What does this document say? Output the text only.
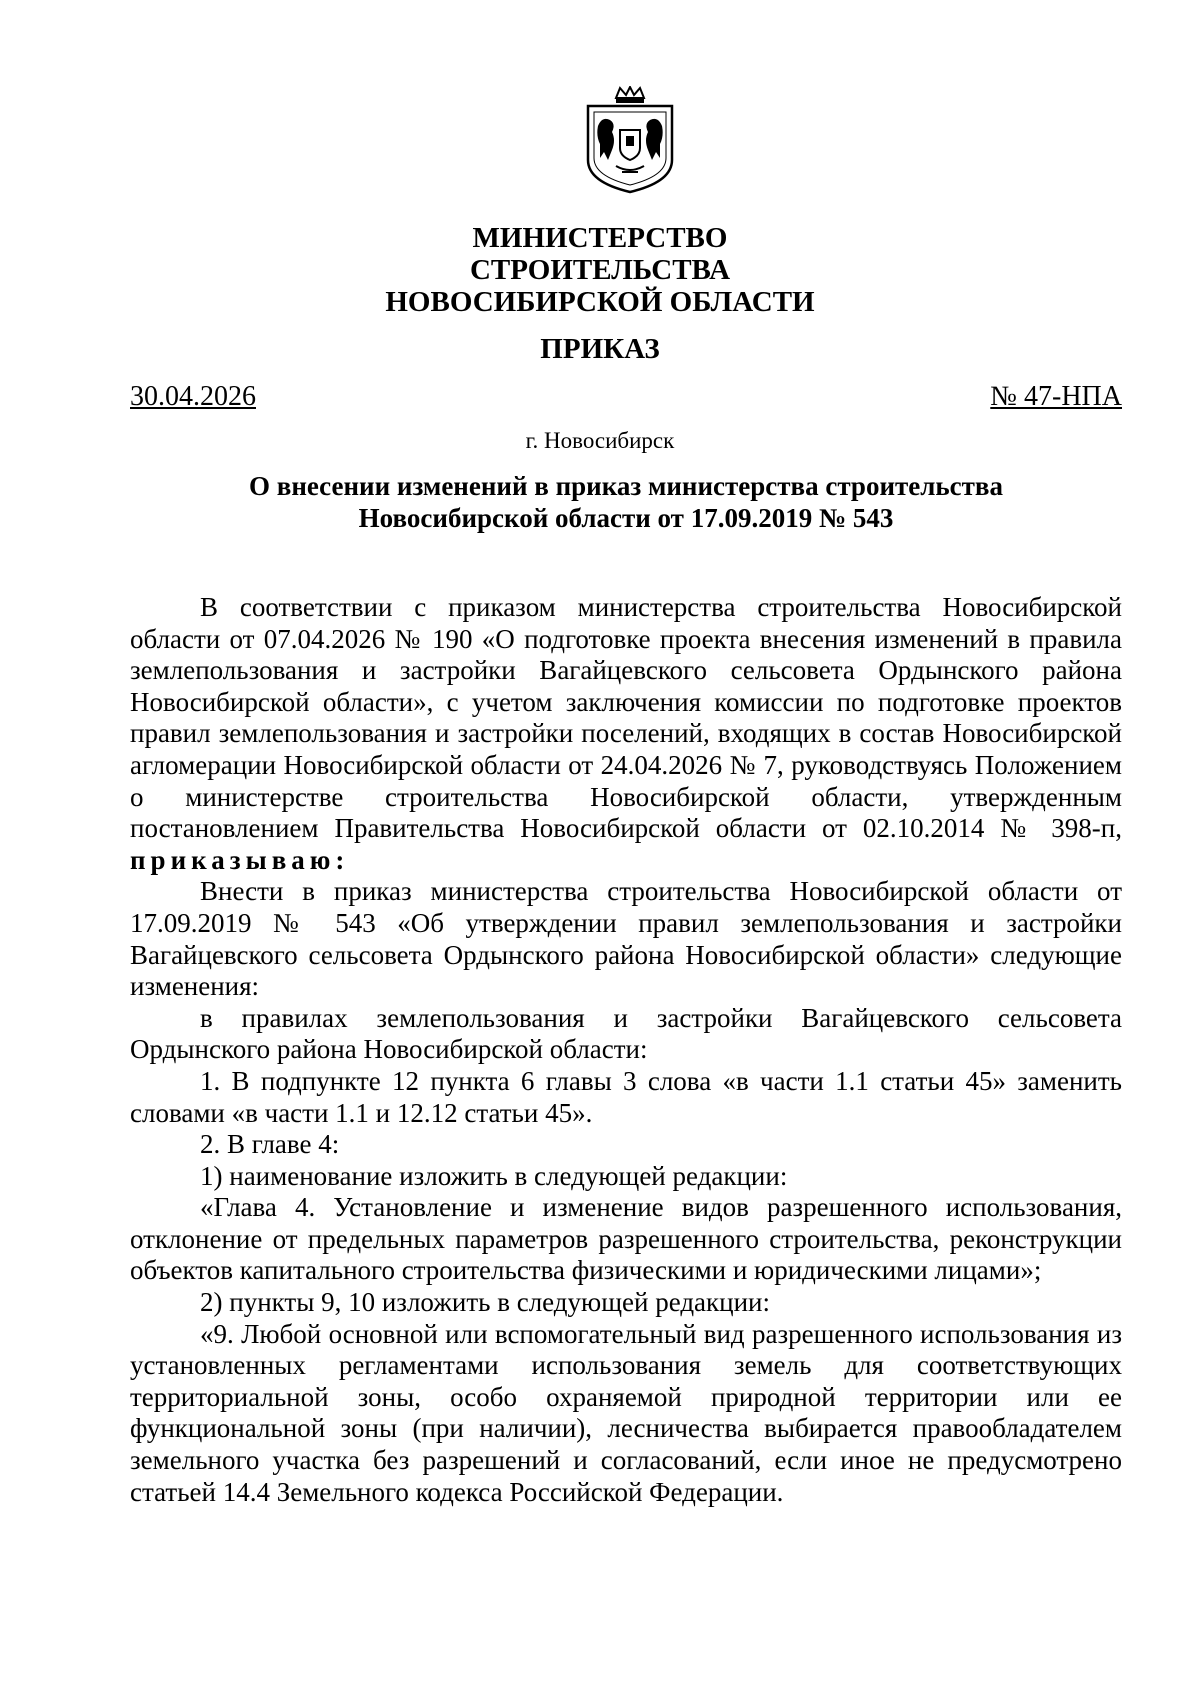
МИНИСТЕРСТВО
СТРОИТЕЛЬСТВА
НОВОСИБИРСКОЙ ОБЛАСТИ
ПРИКАЗ
30.04.2026	№ 47-НПА
г. Новосибирск
О внесении изменений в приказ министерства строительства
Новосибирской области от 17.09.2019 № 543

В соответствии с приказом министерства строительства Новосибирской области от 07.04.2026 № 190 «О подготовке проекта внесения изменений в правила землепользования и застройки Вагайцевского сельсовета Ордынского района Новосибирской области», с учетом заключения комиссии по подготовке проектов правил землепользования и застройки поселений, входящих в состав Новосибирской агломерации Новосибирской области от 24.04.2026 № 7, руководствуясь Положением о министерстве строительства Новосибирской области, утвержденным постановлением Правительства Новосибирской области от 02.10.2014 № 398-п, приказываю:

Внести в приказ министерства строительства Новосибирской области от 17.09.2019 № 543 «Об утверждении правил землепользования и застройки Вагайцевского сельсовета Ордынского района Новосибирской области» следующие изменения:

в правилах землепользования и застройки Вагайцевского сельсовета Ордынского района Новосибирской области:

1. В подпункте 12 пункта 6 главы 3 слова «в части 1.1 статьи 45» заменить словами «в части 1.1 и 12.12 статьи 45».

2. В главе 4:

1) наименование изложить в следующей редакции:

«Глава 4. Установление и изменение видов разрешенного использования, отклонение от предельных параметров разрешенного строительства, реконструкции объектов капитального строительства физическими и юридическими лицами»;

2) пункты 9, 10 изложить в следующей редакции:

«9. Любой основной или вспомогательный вид разрешенного использования из установленных регламентами использования земель для соответствующих территориальной зоны, особо охраняемой природной территории или ее функциональной зоны (при наличии), лесничества выбирается правообладателем земельного участка без разрешений и согласований, если иное не предусмотрено статьей 14.4 Земельного кодекса Российской Федерации.
